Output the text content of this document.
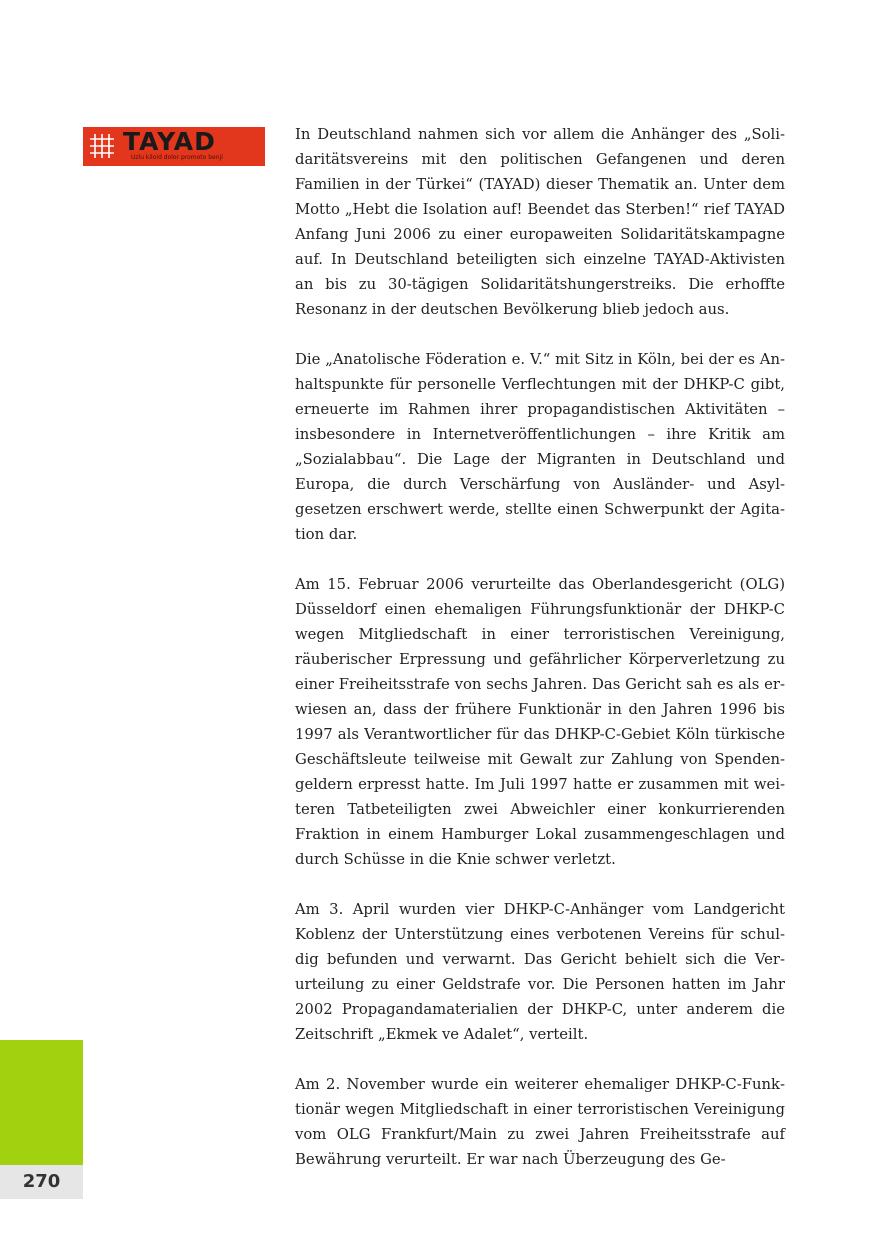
TAYAD
Uzlu kiloid dolor promoto benji

In Deutschland nahmen sich vor allem die Anhänger des „Solidaritätsvereins mit den politischen Gefangenen und deren Familien in der Türkei“ (TAYAD) dieser Thematik an. Unter dem Motto „Hebt die Isolation auf! Beendet das Sterben!“ rief TAYAD Anfang Juni 2006 zu einer europaweiten Solidaritätskampagne auf. In Deutschland beteiligten sich einzelne TAYAD-Aktivisten an bis zu 30-tägigen Solidaritätshungerstreiks. Die erhoffte Resonanz in der deutschen Bevölkerung blieb jedoch aus.

Die „Anatolische Föderation e. V.“ mit Sitz in Köln, bei der es Anhaltspunkte für personelle Verflechtungen mit der DHKP-C gibt, erneuerte im Rahmen ihrer propagandistischen Aktivitäten – insbesondere in Internetveröffentlichungen – ihre Kritik am „Sozialabbau“. Die Lage der Migranten in Deutschland und Europa, die durch Verschärfung von Ausländer- und Asylgesetzen erschwert werde, stellte einen Schwerpunkt der Agitation dar.

Am 15. Februar 2006 verurteilte das Oberlandesgericht (OLG) Düsseldorf einen ehemaligen Führungsfunktionär der DHKP-C wegen Mitgliedschaft in einer terroristischen Vereinigung, räuberischer Erpressung und gefährlicher Körperverletzung zu einer Freiheitsstrafe von sechs Jahren. Das Gericht sah es als erwiesen an, dass der frühere Funktionär in den Jahren 1996 bis 1997 als Verantwortlicher für das DHKP-C-Gebiet Köln türkische Geschäftsleute teilweise mit Gewalt zur Zahlung von Spendengeldern erpresst hatte. Im Juli 1997 hatte er zusammen mit weiteren Tatbeteiligten zwei Abweichler einer konkurrierenden Fraktion in einem Hamburger Lokal zusammengeschlagen und durch Schüsse in die Knie schwer verletzt.

Am 3. April wurden vier DHKP-C-Anhänger vom Landgericht Koblenz der Unterstützung eines verbotenen Vereins für schuldig befunden und verwarnt. Das Gericht behielt sich die Verurteilung zu einer Geldstrafe vor. Die Personen hatten im Jahr 2002 Propagandamaterialien der DHKP-C, unter anderem die Zeitschrift „Ekmek ve Adalet“, verteilt.

Am 2. November wurde ein weiterer ehemaliger DHKP-C-Funktionär wegen Mitgliedschaft in einer terroristischen Vereinigung vom OLG Frankfurt/Main zu zwei Jahren Freiheitsstrafe auf Bewährung verurteilt. Er war nach Überzeugung des Ge-

270
